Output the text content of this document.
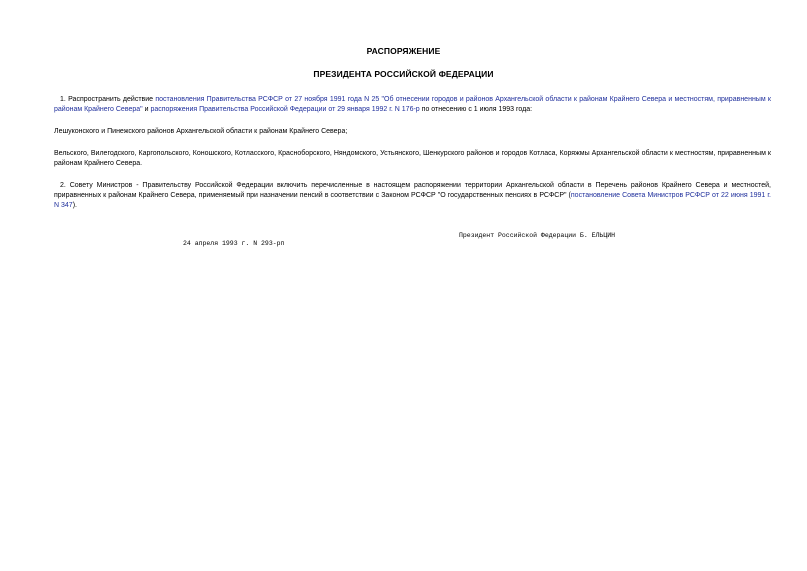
РАСПОРЯЖЕНИЕ
ПРЕЗИДЕНТА РОССИЙСКОЙ ФЕДЕРАЦИИ

1. Распространить действие постановления Правительства РСФСР от 27 ноября 1991 года N 25 "Об отнесении городов и районов Архангельской области к районам Крайнего Севера и местностям, приравненным к районам Крайнего Севера" и распоряжения Правительства Российской Федерации от 29 января 1992 г. N 176-р по отнесению с 1 июля 1993 года:

Лешуконского и Пинежского районов Архангельской области к районам Крайнего Севера;

Вельского, Вилегодского, Каргопольского, Коношского, Котласского, Красноборского, Няндомского, Устьянского, Шенкурского районов и городов Котласа, Коряжмы Архангельской области к местностям, приравненным к районам Крайнего Севера.

2. Совету Министров - Правительству Российской Федерации включить перечисленные в настоящем распоряжении территории Архангельской области в Перечень районов Крайнего Севера и местностей, приравненных к районам Крайнего Севера, применяемый при назначении пенсий в соответствии с Законом РСФСР "О государственных пенсиях в РСФСР" (постановление Совета Министров РСФСР от 22 июня 1991 г. N 347).

Президент Российской Федерации Б. ЕЛЬЦИН
24 апреля 1993 г. N 293-рп
